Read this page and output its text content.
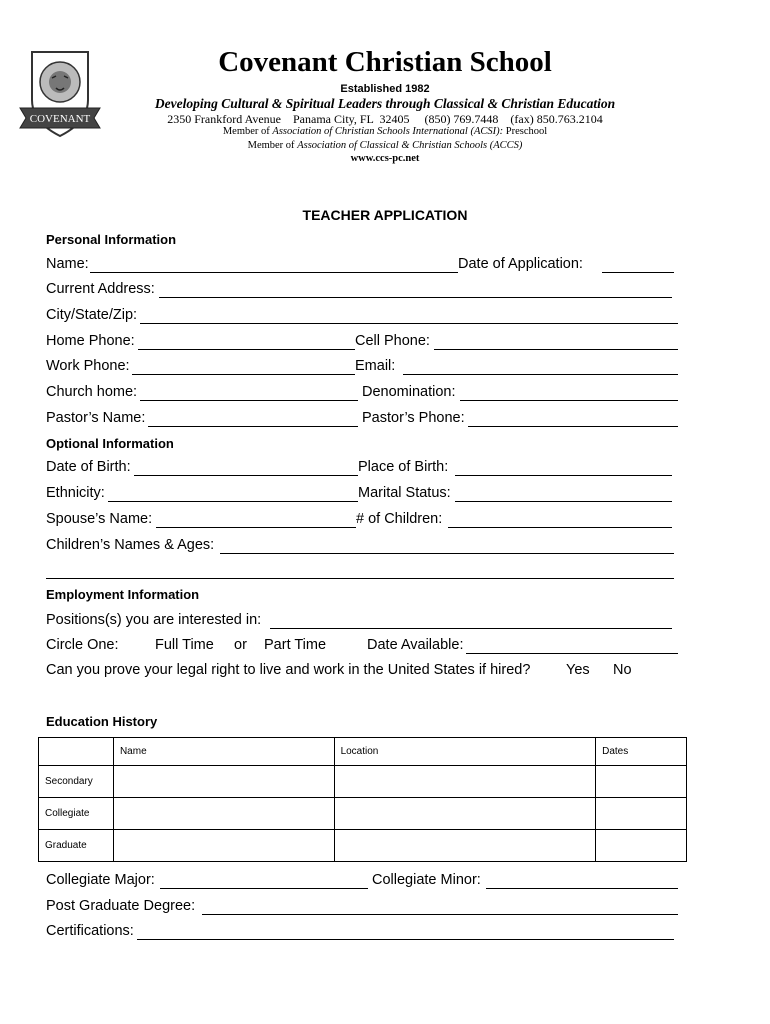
COVENANT
Covenant Christian School
Established 1982
Developing Cultural & Spiritual Leaders through Classical & Christian Education
2350 Frankford Avenue    Panama City, FL  32405     (850) 769.7448    (fax) 850.763.2104
Member of Association of Christian Schools International (ACSI): Preschool
Member of Association of Classical & Christian Schools (ACCS)
www.ccs-pc.net
TEACHER APPLICATION
Personal Information
Name:	Date of Application:
Current Address:
City/State/Zip:
Home Phone:	Cell Phone:
Work Phone:	Email:
Church home:	Denomination:
Pastor’s Name:	Pastor’s Phone:
Optional Information
Date of Birth:	Place of Birth:
Ethnicity:	Marital Status:
Spouse’s Name:	# of Children:
Children’s Names & Ages:
Employment Information
Positions(s) you are interested in:
Circle One:	Full Time or Part Time	Date Available:
Can you prove your legal right to live and work in the United States if hired? Yes No
Education History
	Name	Location	Dates
Secondary			
Collegiate			
Graduate			
Collegiate Major:	Collegiate Minor:
Post Graduate Degree:
Certifications:
